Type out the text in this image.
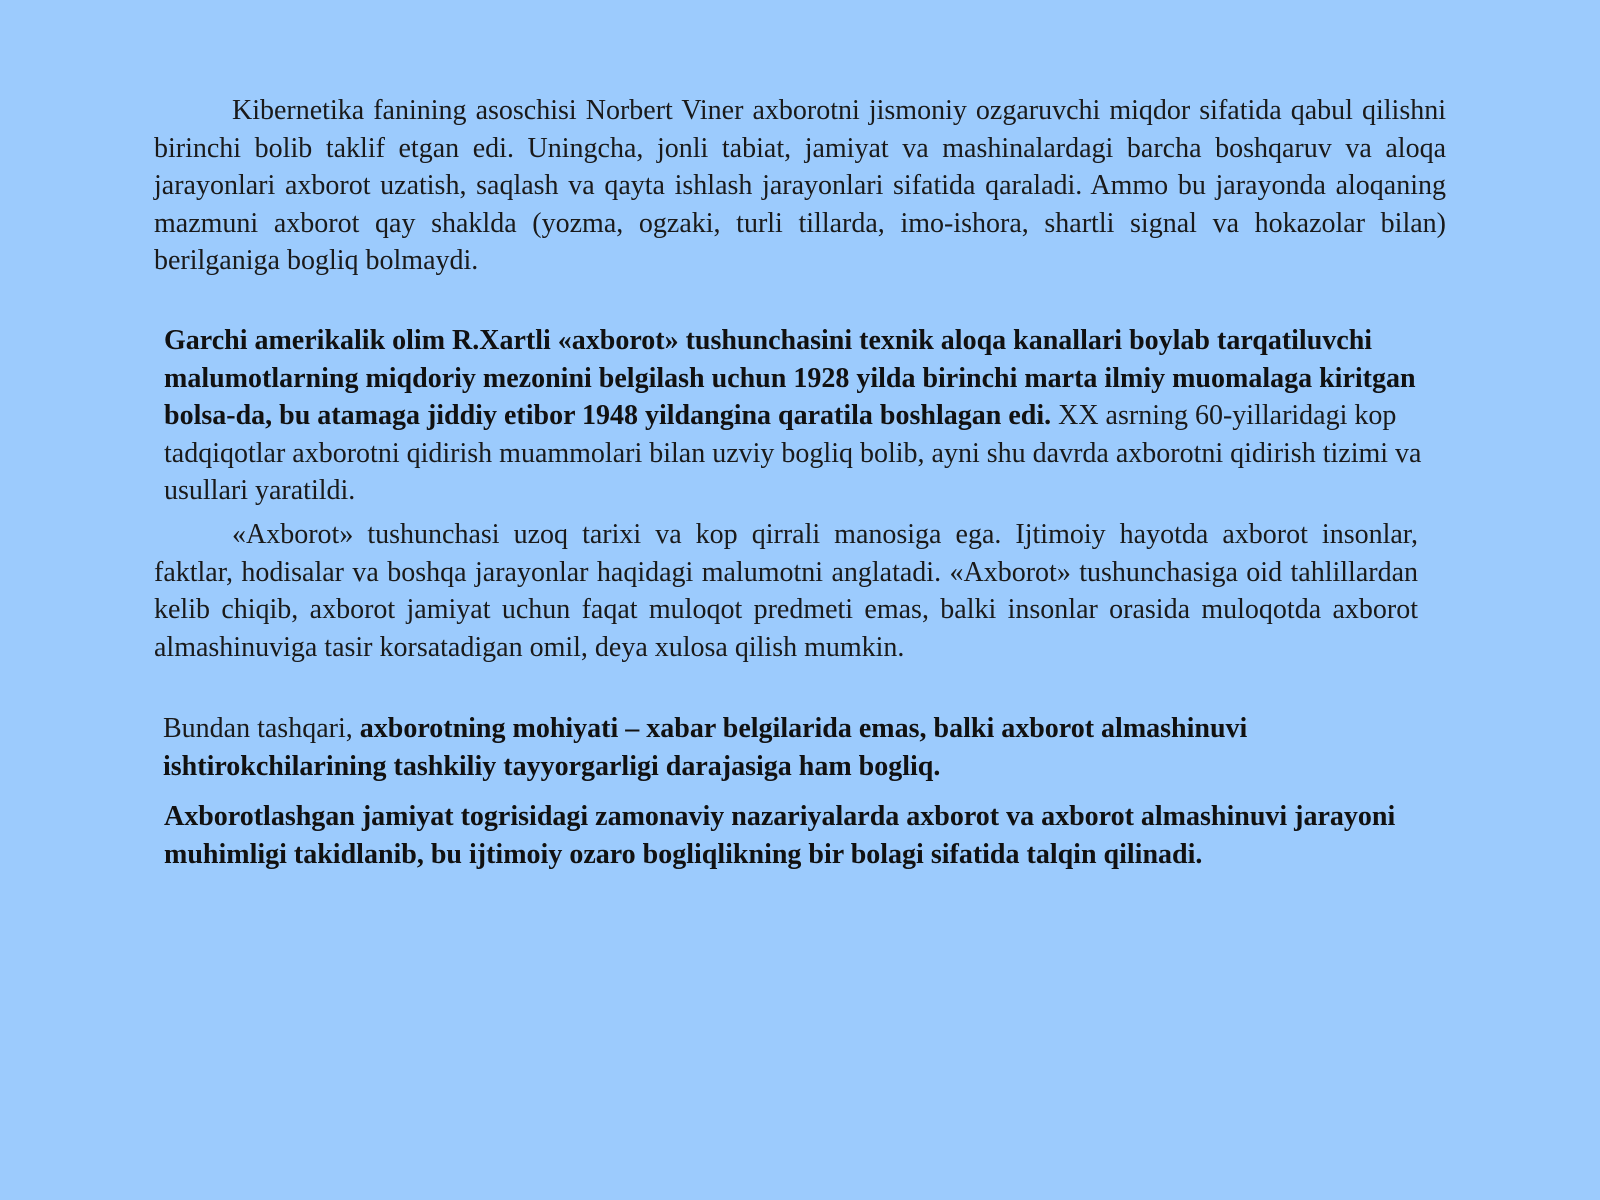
Kibernetika fanining asoschisi Norbert Viner axborotni jismoniy ozgaruvchi miqdor sifatida qabul qilishni birinchi bolib taklif etgan edi. Uningcha, jonli tabiat, jamiyat va mashinalardagi barcha boshqaruv va aloqa jarayonlari axborot uzatish, saqlash va qayta ishlash jarayonlari sifatida qaraladi. Ammo bu jarayonda aloqaning mazmuni axborot qay shaklda (yozma, ogzaki, turli tillarda, imo-ishora, shartli signal va hokazolar bilan) berilganiga bogliq bolmaydi.

Garchi amerikalik olim R.Xartli «axborot» tushunchasini texnik aloqa kanallari boylab tarqatiluvchi malumotlarning miqdoriy mezonini belgilash uchun 1928 yilda birinchi marta ilmiy muomalaga kiritgan bolsa-da, bu atamaga jiddiy etibor 1948 yildangina qaratila boshlagan edi. XX asrning 60-yillaridagi kop tadqiqotlar axborotni qidirish muammolari bilan uzviy bogliq bolib, ayni shu davrda axborotni qidirish tizimi va usullari yaratildi.

«Axborot» tushunchasi uzoq tarixi va kop qirrali manosiga ega. Ijtimoiy hayotda axborot insonlar, faktlar, hodisalar va boshqa jarayonlar haqidagi malumotni anglatadi. «Axborot» tushunchasiga oid tahlillardan kelib chiqib, axborot jamiyat uchun faqat muloqot predmeti emas, balki insonlar orasida muloqotda axborot almashinuviga tasir korsatadigan omil, deya xulosa qilish mumkin.

Bundan tashqari, axborotning mohiyati – xabar belgilarida emas, balki axborot almashinuvi ishtirokchilarining tashkiliy tayyorgarligi darajasiga ham bogliq.

Axborotlashgan jamiyat togrisidagi zamonaviy nazariyalarda axborot va axborot almashinuvi jarayoni muhimligi takidlanib, bu ijtimoiy ozaro bogliqlikning bir bolagi sifatida talqin qilinadi.
